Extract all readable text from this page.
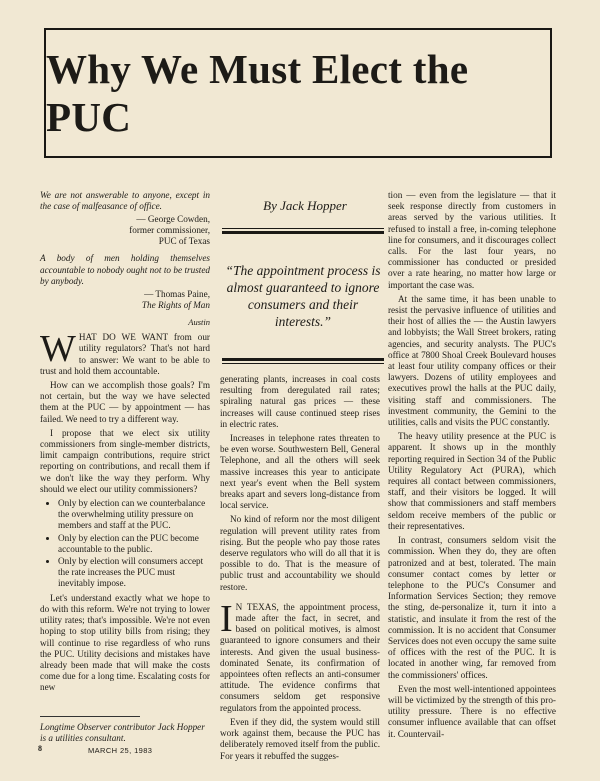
Why We Must Elect the PUC

We are not answerable to anyone, except in the case of malfeasance of office.

— George Cowden,
former commissioner,
PUC of Texas

A body of men holding themselves accountable to nobody ought not to be trusted by anybody.

— Thomas Paine,
The Rights of Man

Austin

WHAT DO WE WANT from our utility regulators? That's not hard to answer: We want to be able to trust and hold them accountable.

How can we accomplish those goals? I'm not certain, but the way we have selected them at the PUC — by appointment — has failed. We need to try a different way.

I propose that we elect six utility commissioners from single-member districts, limit campaign contributions, require strict reporting on contributions, and recall them if we don't like the way they perform. Why should we elect our utility commissioners?

• Only by election can we counterbalance the overwhelming utility pressure on members and staff at the PUC.
• Only by election can the PUC become accountable to the public.
• Only by election will consumers accept the rate increases the PUC must inevitably impose.

Let's understand exactly what we hope to do with this reform. We're not trying to lower utility rates; that's impossible. We're not even hoping to stop utility bills from rising; they will continue to rise regardless of who runs the PUC. Utility decisions and mistakes have already been made that will make the costs come due for a long time. Escalating costs for new

By Jack Hopper
“The appointment process is almost guaranteed to ignore consumers and their interests.”

generating plants, increases in coal costs resulting from deregulated rail rates; spiraling natural gas prices — these increases will cause continued steep rises in electric rates.

Increases in telephone rates threaten to be even worse. Southwestern Bell, General Telephone, and all the others will seek massive increases this year to anticipate next year's event when the Bell system breaks apart and severs long-distance from local service.

No kind of reform nor the most diligent regulation will prevent utility rates from rising. But the people who pay those rates deserve regulators who will do all that it is possible to do. That is the measure of public trust and accountability we should restore.

I N TEXAS, the appointment process, made after the fact, in secret, and based on political motives, is almost guaranteed to ignore consumers and their interests. And given the usual business-dominated Senate, its confirmation of appointees often reflects an anti-consumer attitude. The evidence confirms that consumers seldom get responsive regulators from the appointed process.

Even if they did, the system would still work against them, because the PUC has deliberately removed itself from the public. For years it rebuffed the sugges-

tion — even from the legislature — that it seek response directly from customers in areas served by the various utilities. It refused to install a free, in-coming telephone line for consumers, and it discourages collect calls. For the last four years, no commissioner has conducted or presided over a rate hearing, no matter how large or important the case was.

At the same time, it has been unable to resist the pervasive influence of utilities and their host of allies the — the Austin lawyers and lobbyists; the Wall Street brokers, rating agencies, and security analysts. The PUC's office at 7800 Shoal Creek Boulevard houses at least four utility company offices or their lawyers. Dozens of utility employees and executives prowl the halls at the PUC daily, visiting staff and commissioners. The investment community, the Gemini to the utilities, calls and visits the PUC constantly.

The heavy utility presence at the PUC is apparent. It shows up in the monthly reporting required in Section 34 of the Public Utility Regulatory Act (PURA), which requires all contact between commissioners, staff, and their visitors be logged. It will show that commissioners and staff members seldom receive members of the public or their representatives.

In contrast, consumers seldom visit the commission. When they do, they are often patronized and at best, tolerated. The main consumer contact comes by letter or telephone to the PUC's Consumer and Information Services Section; they remove the sting, de-personalize it, turn it into a statistic, and insulate it from the rest of the commission. It is no accident that Consumer Services does not even occupy the same suite of offices with the rest of the PUC. It is located in another wing, far removed from the commissioners' offices.

Even the most well-intentioned appointees will be victimized by the strength of this pro-utility pressure. There is no effective consumer influence available that can offset it. Countervail-

Longtime Observer contributor Jack Hopper is a utilities consultant.
8	MARCH 25, 1983
